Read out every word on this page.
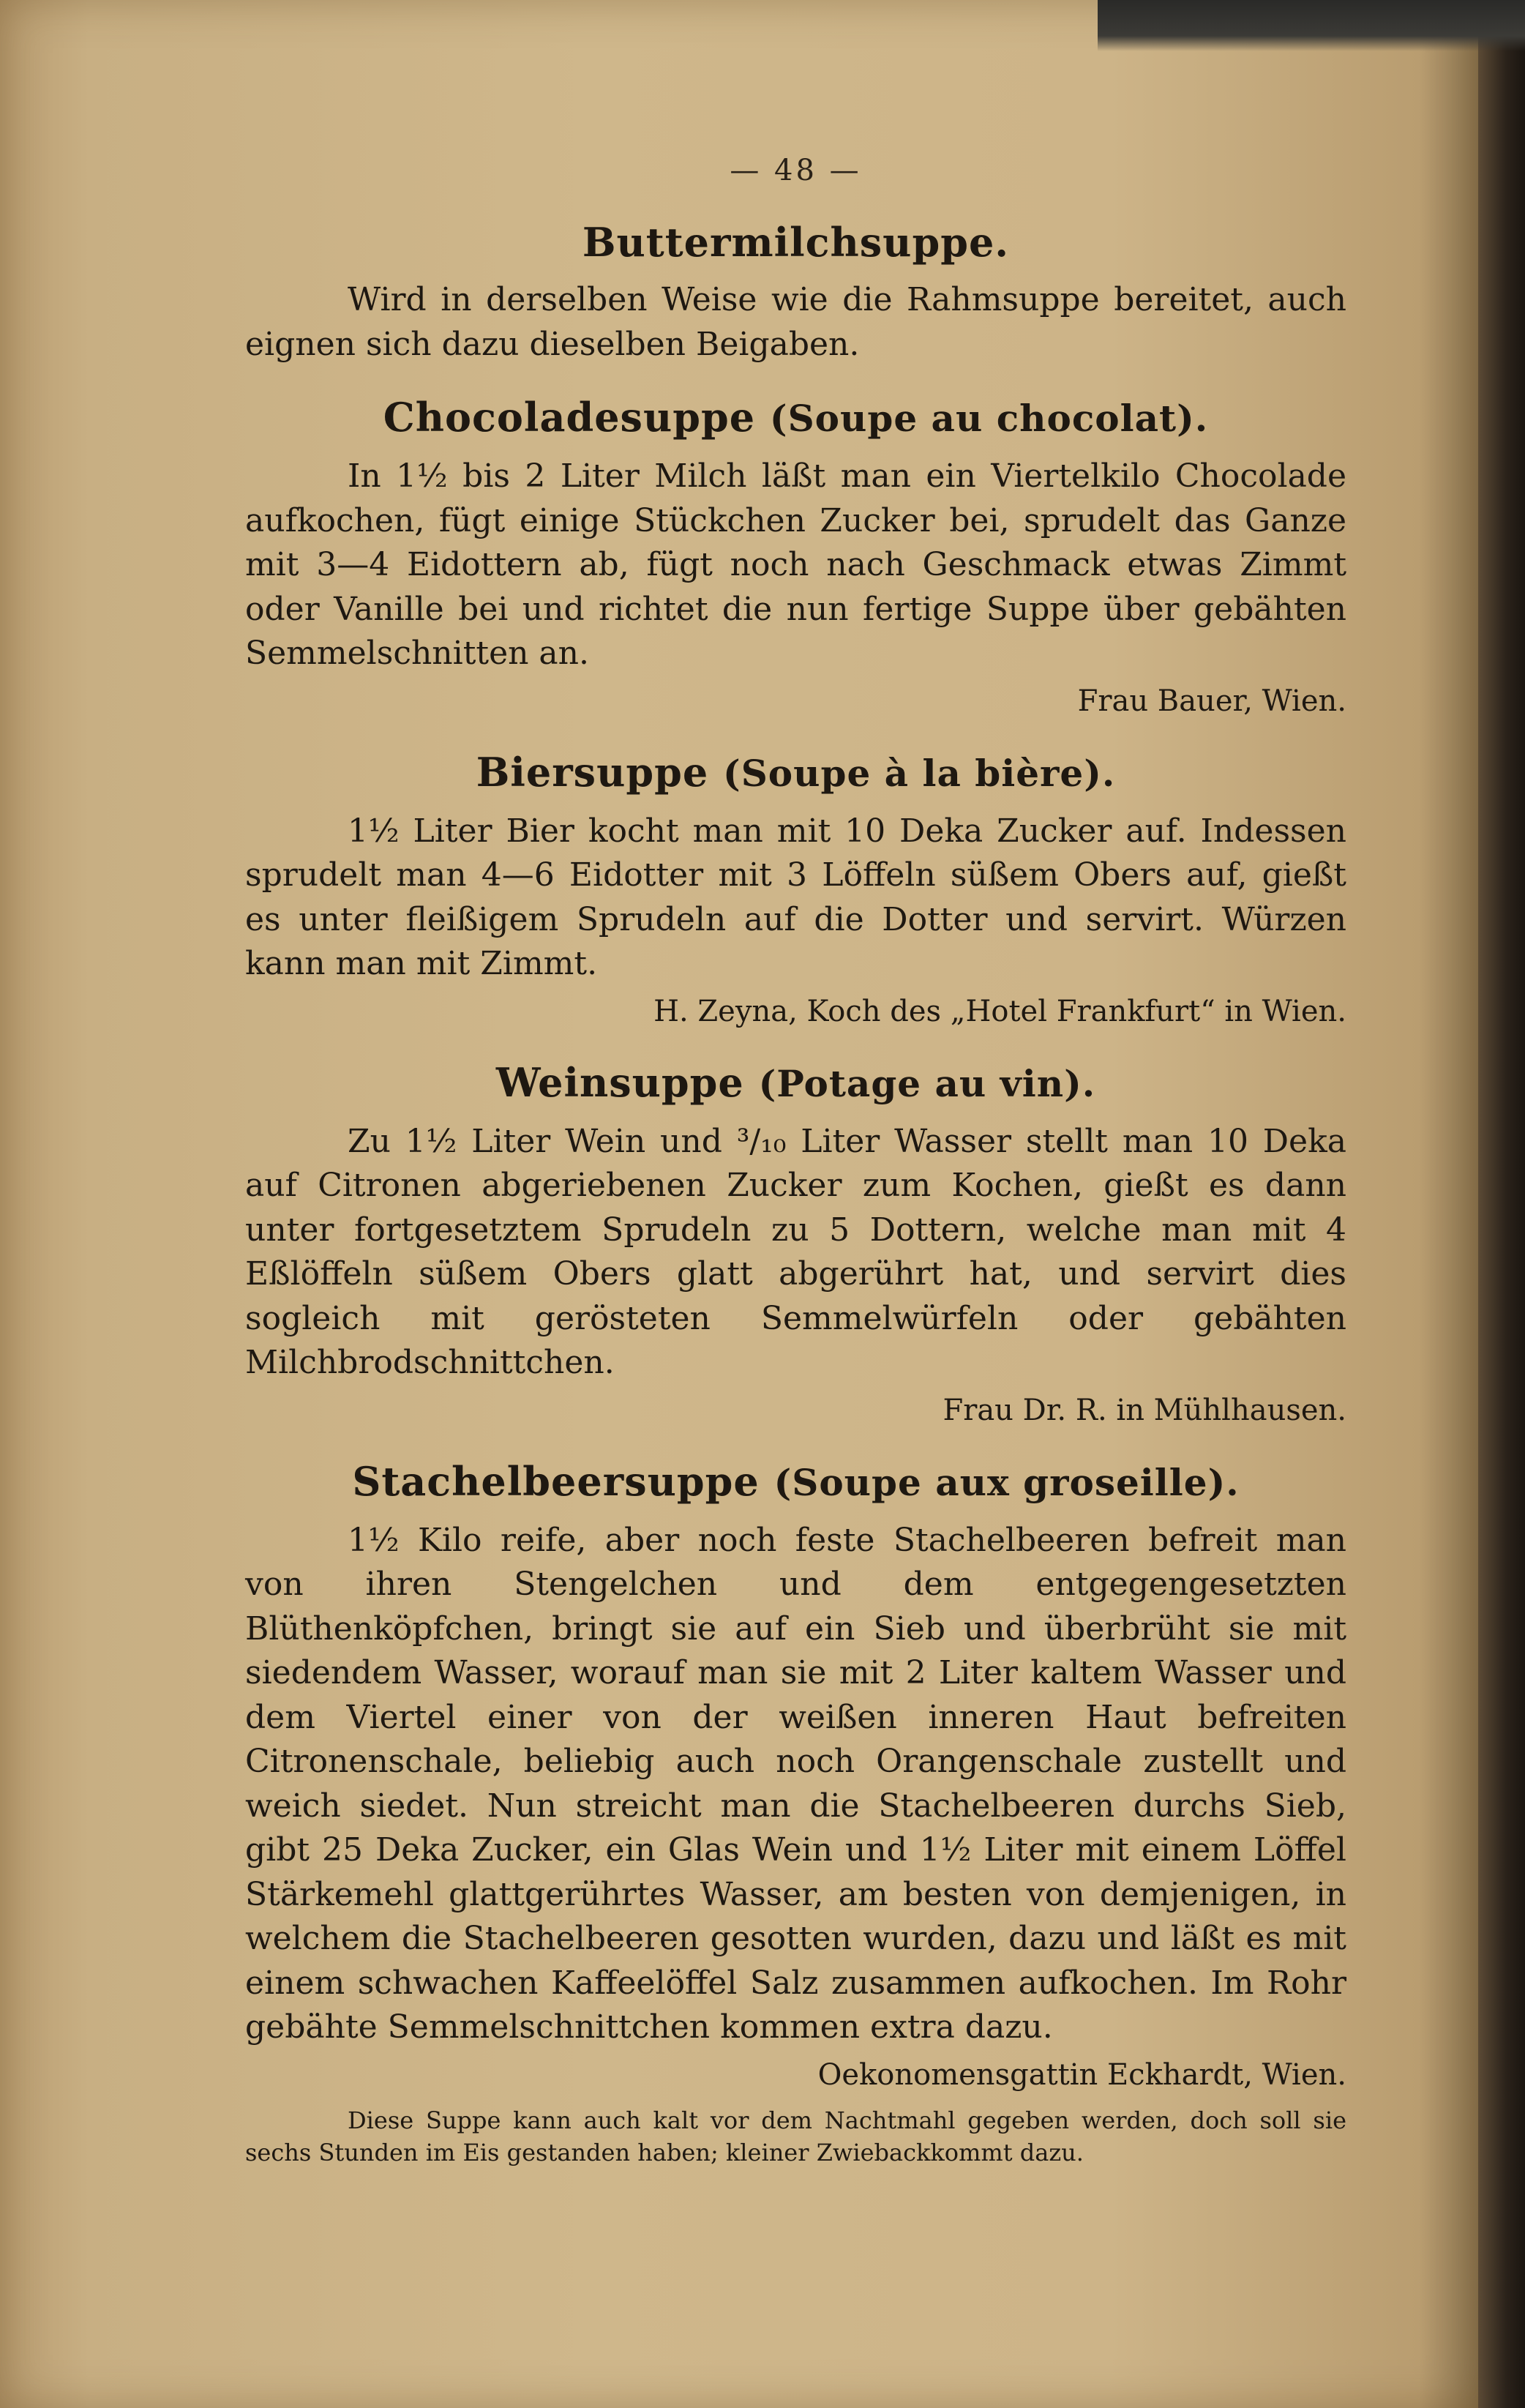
— 48 —
Buttermilchsuppe.

Wird in derselben Weise wie die Rahmsuppe bereitet, auch eignen sich dazu dieselben Beigaben.

Chocoladesuppe (Soupe au chocolat).

In 1½ bis 2 Liter Milch läßt man ein Viertelkilo Chocolade aufkochen, fügt einige Stückchen Zucker bei, sprudelt das Ganze mit 3—4 Eidottern ab, fügt noch nach Geschmack etwas Zimmt oder Vanille bei und richtet die nun fertige Suppe über gebähten Semmelschnitten an.

Frau Bauer, Wien.

Biersuppe (Soupe à la bière).

1½ Liter Bier kocht man mit 10 Deka Zucker auf. Indessen sprudelt man 4—6 Eidotter mit 3 Löffeln süßem Obers auf, gießt es unter fleißigem Sprudeln auf die Dotter und servirt. Würzen kann man mit Zimmt.

H. Zeyna, Koch des „Hotel Frankfurt“ in Wien.

Weinsuppe (Potage au vin).

Zu 1½ Liter Wein und ³/₁₀ Liter Wasser stellt man 10 Deka auf Citronen abgeriebenen Zucker zum Kochen, gießt es dann unter fortgesetztem Sprudeln zu 5 Dottern, welche man mit 4 Eßlöffeln süßem Obers glatt abgerührt hat, und servirt dies sogleich mit gerösteten Semmelwürfeln oder gebähten Milchbrodschnittchen.

Frau Dr. R. in Mühlhausen.

Stachelbeersuppe (Soupe aux groseille).

1½ Kilo reife, aber noch feste Stachelbeeren befreit man von ihren Stengelchen und dem entgegengesetzten Blüthenköpfchen, bringt sie auf ein Sieb und überbrüht sie mit siedendem Wasser, worauf man sie mit 2 Liter kaltem Wasser und dem Viertel einer von der weißen inneren Haut befreiten Citronenschale, beliebig auch noch Orangenschale zustellt und weich siedet. Nun streicht man die Stachelbeeren durchs Sieb, gibt 25 Deka Zucker, ein Glas Wein und 1½ Liter mit einem Löffel Stärkemehl glattgerührtes Wasser, am besten von demjenigen, in welchem die Stachelbeeren gesotten wurden, dazu und läßt es mit einem schwachen Kaffeelöffel Salz zusammen aufkochen. Im Rohr gebähte Semmelschnittchen kommen extra dazu.

Oekonomensgattin Eckhardt, Wien.

Diese Suppe kann auch kalt vor dem Nachtmahl gegeben werden, doch soll sie sechs Stunden im Eis gestanden haben; kleiner Zwiebackkommt dazu.
